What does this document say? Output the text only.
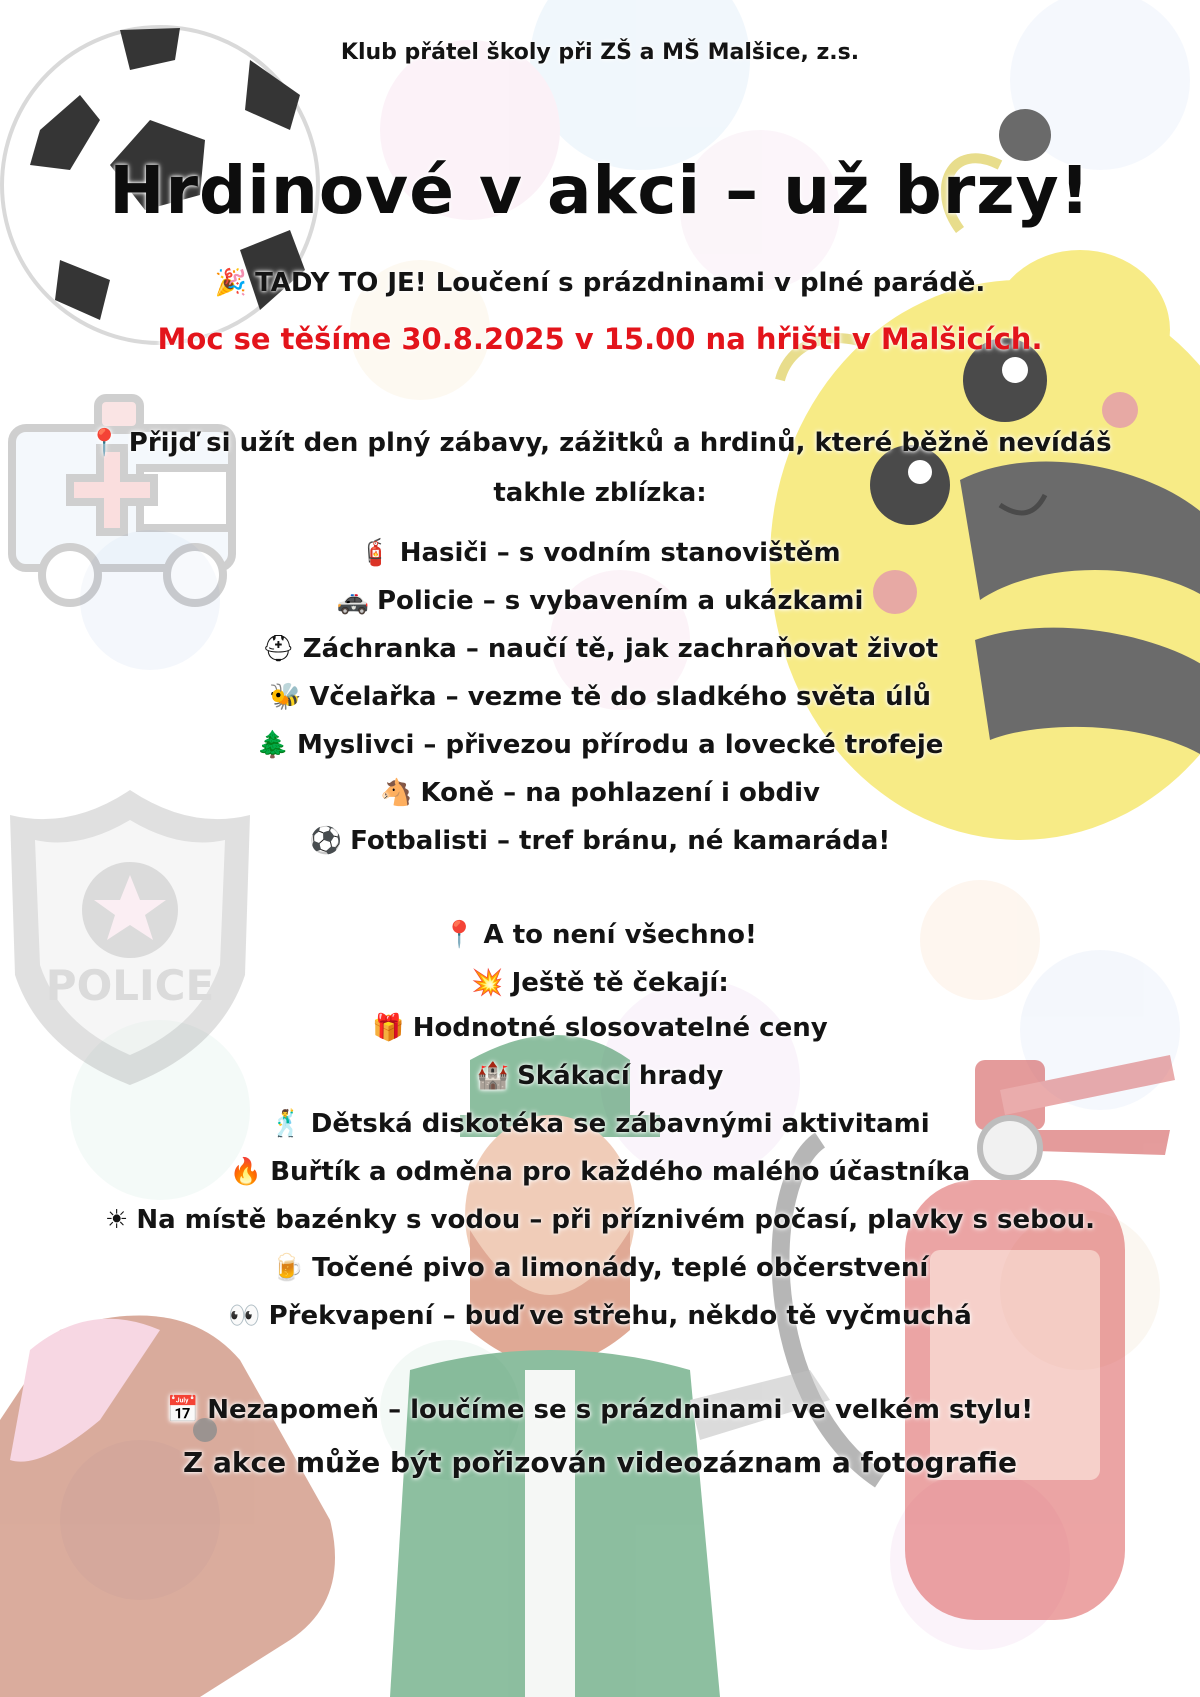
POLICE
Klub přátel školy při ZŠ a MŠ Malšice, z.s.
Hrdinové v akci – už brzy!
🎉 TADY TO JE! Loučení s prázdninami v plné parádě.
Moc se těšíme 30.8.2025 v 15.00 na hřišti v Malšicích.
📍 Přijď si užít den plný zábavy, zážitků a hrdinů, které běžně nevídáš
takhle zblízka:
🧯 Hasiči – s vodním stanovištěm
🚓 Policie – s vybavením a ukázkami
⛑ Záchranka – naučí tě, jak zachraňovat život
🐝 Včelařka – vezme tě do sladkého světa úlů
🌲 Myslivci – přivezou přírodu a lovecké trofeje
🐴 Koně – na pohlazení i obdiv
⚽ Fotbalisti – tref bránu, né kamaráda!
📍 A to není všechno!
💥 Ještě tě čekají:
🎁 Hodnotné slosovatelné ceny
🏰 Skákací hrady
🕺 Dětská diskotéka se zábavnými aktivitami
🔥 Buřtík a odměna pro každého malého účastníka
☀ Na místě bazénky s vodou – při příznivém počasí, plavky s sebou.
🍺 Točené pivo a limonády, teplé občerstvení
👀 Překvapení – buď ve střehu, někdo tě vyčmuchá
📅 Nezapomeň – loučíme se s prázdninami ve velkém stylu!
Z akce může být pořizován videozáznam a fotografie
